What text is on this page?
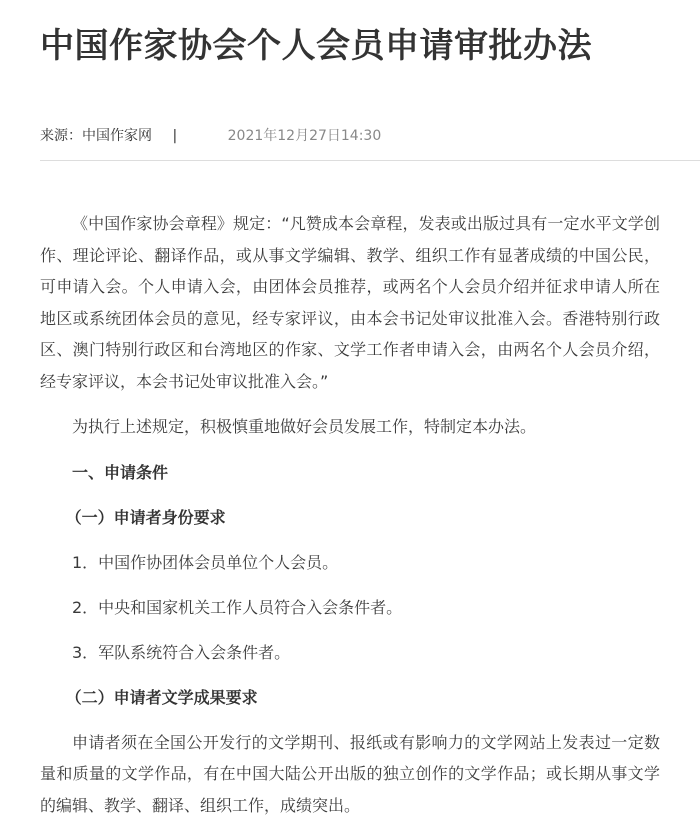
中国作家协会个人会员申请审批办法
来源：中国作家网 |	2021年12月27日14:30

《中国作家协会章程》规定：“凡赞成本会章程，发表或出版过具有一定水平文学创作、理论评论、翻译作品，或从事文学编辑、教学、组织工作有显著成绩的中国公民，可申请入会。个人申请入会，由团体会员推荐，或两名个人会员介绍并征求申请人所在地区或系统团体会员的意见，经专家评议，由本会书记处审议批准入会。香港特别行政区、澳门特别行政区和台湾地区的作家、文学工作者申请入会，由两名个人会员介绍，经专家评议，本会书记处审议批准入会。”

为执行上述规定，积极慎重地做好会员发展工作，特制定本办法。

一、申请条件

（一）申请者身份要求

1．中国作协团体会员单位个人会员。

2．中央和国家机关工作人员符合入会条件者。

3．军队系统符合入会条件者。

（二）申请者文学成果要求

申请者须在全国公开发行的文学期刊、报纸或有影响力的文学网站上发表过一定数量和质量的文学作品，有在中国大陆公开出版的独立创作的文学作品；或长期从事文学的编辑、教学、翻译、组织工作，成绩突出。
